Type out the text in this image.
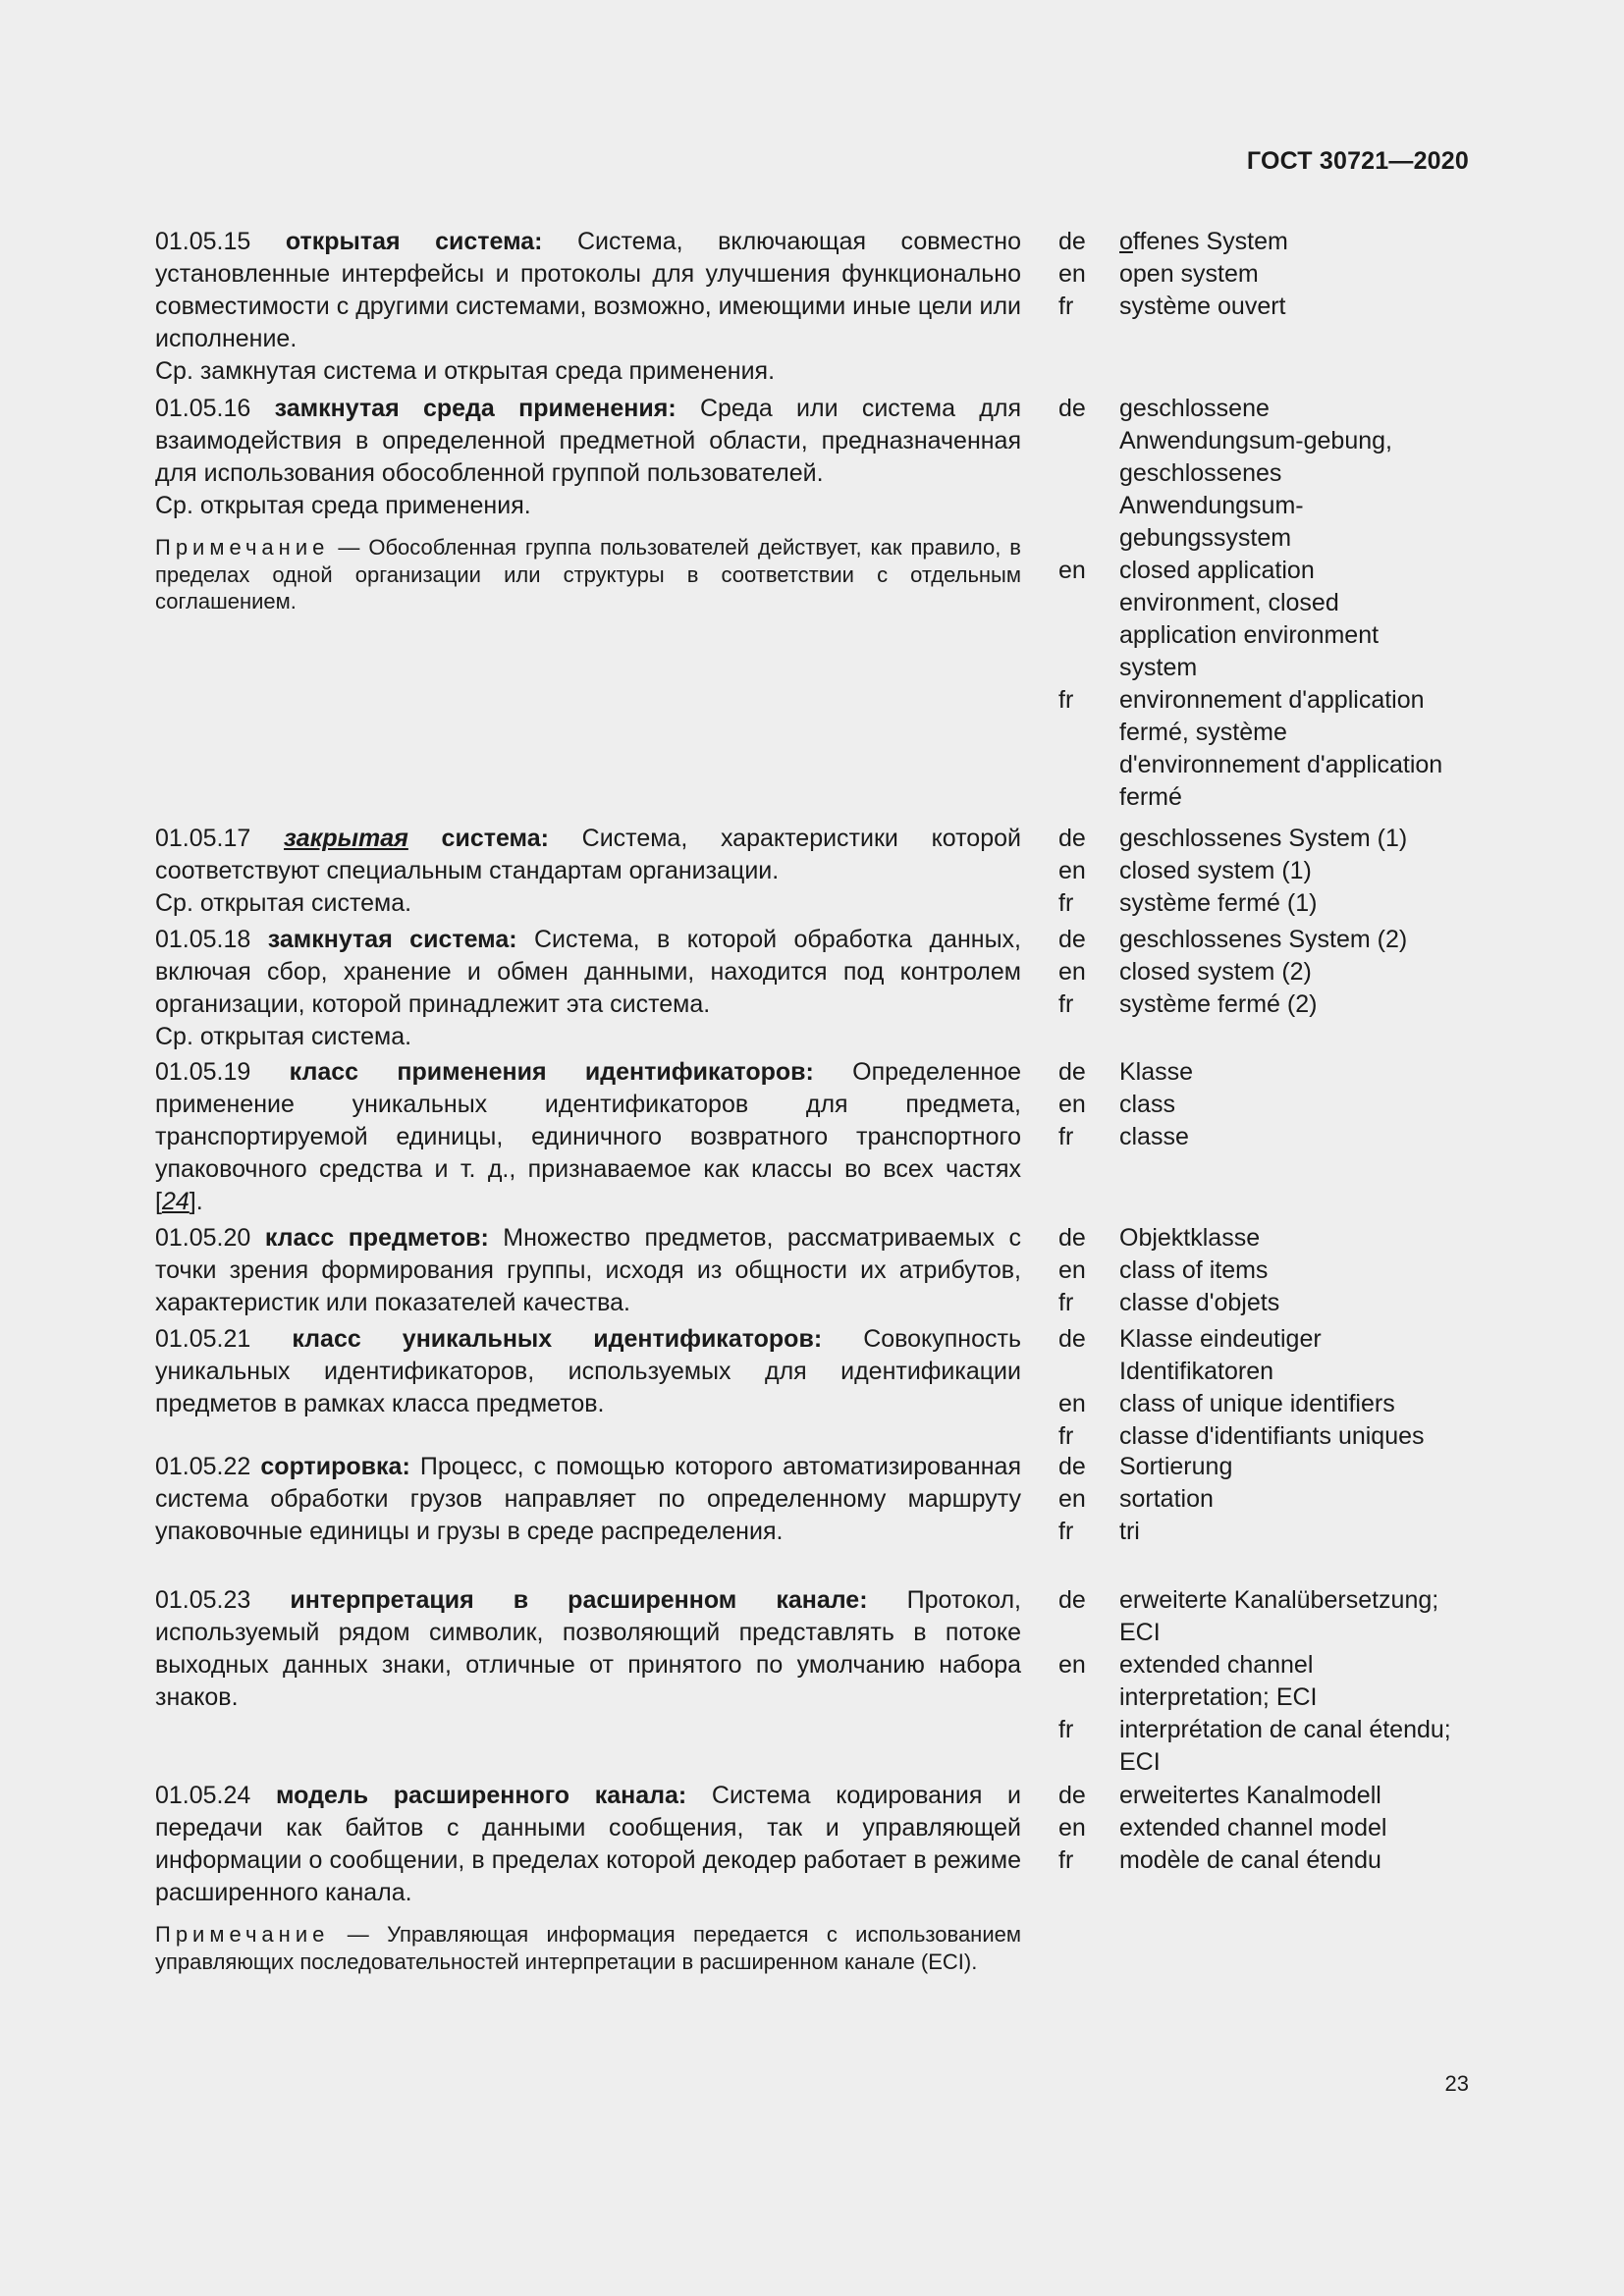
ГОСТ 30721—2020

01.05.15 открытая система: Система, включающая совместно установленные интерфейсы и протоколы для улучшения функционально совместимости с другими системами, возможно, имеющими иные цели или исполнение.

Ср. замкнутая система и открытая среда применения.

de	offenes System
en	open system
fr	système ouvert

01.05.16 замкнутая среда применения: Среда или система для взаимодействия в определенной предметной области, предназначенная для использования обособленной группой пользователей.

Ср. открытая среда применения.

Примечание — Обособленная группа пользователей действует, как правило, в пределах одной организации или структуры в соответствии с отдельным соглашением.
de	geschlossene Anwendungsum-gebung, geschlossenes Anwendungsum-gebungssystem
en	closed application environment, closed application environment system
fr	environnement d'application fermé, système d'environnement d'application fermé

01.05.17 закрытая система: Система, характеристики которой соответствуют специальным стандартам организации.

Ср. открытая система.

de	geschlossenes System (1)
en	closed system (1)
fr	système fermé (1)

01.05.18 замкнутая система: Система, в которой обработка данных, включая сбор, хранение и обмен данными, находится под контролем организации, которой принадлежит эта система.

Ср. открытая система.

de	geschlossenes System (2)
en	closed system (2)
fr	système fermé (2)

01.05.19 класс применения идентификаторов: Определенное применение уникальных идентификаторов для предмета, транспортируемой единицы, единичного возвратного транспортного упаковочного средства и т. д., признаваемое как классы во всех частях [24].

de	Klasse
en	class
fr	classe

01.05.20 класс предметов: Множество предметов, рассматриваемых с точки зрения формирования группы, исходя из общности их атрибутов, характеристик или показателей качества.

de	Objektklasse
en	class of items
fr	classe d'objets

01.05.21 класс уникальных идентификаторов: Совокупность уникальных идентификаторов, используемых для идентификации предметов в рамках класса предметов.

de	Klasse eindeutiger Identifikatoren
en	class of unique identifiers
fr	classe d'identifiants uniques

01.05.22 сортировка: Процесс, с помощью которого автоматизированная система обработки грузов направляет по определенному маршруту упаковочные единицы и грузы в среде распределения.

de	Sortierung
en	sortation
fr	tri

01.05.23 интерпретация в расширенном канале: Протокол, используемый рядом символик, позволяющий представлять в потоке выходных данных знаки, отличные от принятого по умолчанию набора знаков.

de	erweiterte Kanalübersetzung; ECI
en	extended channel interpretation; ECI
fr	interprétation de canal étendu; ECI

01.05.24 модель расширенного канала: Система кодирования и передачи как байтов с данными сообщения, так и управляющей информации о сообщении, в пределах которой декодер работает в режиме расширенного канала.

Примечание — Управляющая информация передается с использованием управляющих последовательностей интерпретации в расширенном канале (ECI).
de	erweitertes Kanalmodell
en	extended channel model
fr	modèle de canal étendu
23
